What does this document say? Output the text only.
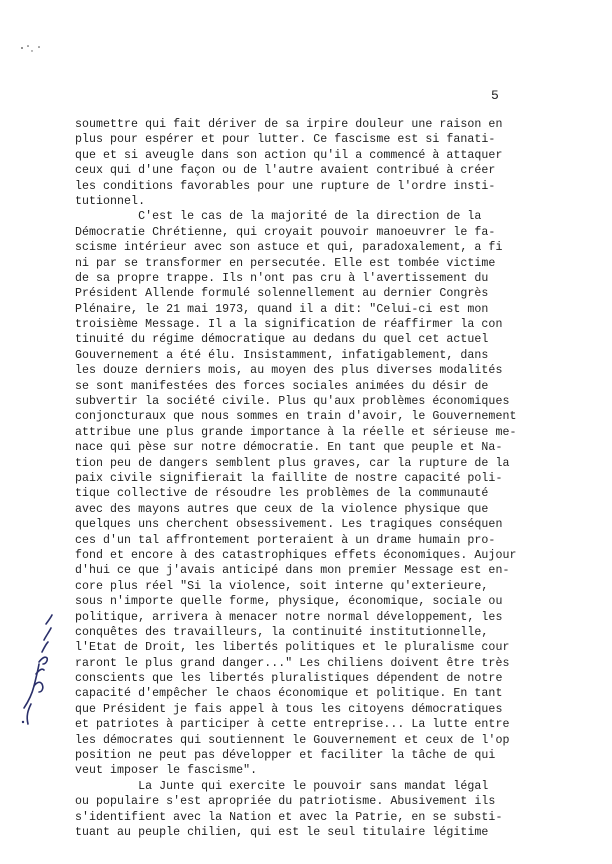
5

soumettre qui fait dériver de sa irpire douleur une raison en
plus pour espérer et pour lutter. Ce fascisme est si fanati-
que et si aveugle dans son action qu'il a commencé à attaquer
ceux qui d'une façon ou de l'autre avaient contribué à créer
les conditions favorables pour une rupture de l'ordre insti-
tutionnel.
C'est le cas de la majorité de la direction de la
Démocratie Chrétienne, qui croyait pouvoir manoeuvrer le fa-
scisme intérieur avec son astuce et qui, paradoxalement, a fi
ni par se transformer en persecutée. Elle est tombée victime
de sa propre trappe. Ils n'ont pas cru à l'avertissement du
Président Allende formulé solennellement au dernier Congrès
Plénaire, le 21 mai 1973, quand il a dit: "Celui-ci est mon
troisième Message. Il a la signification de réaffirmer la con
tinuité du régime démocratique au dedans du quel cet actuel
Gouvernement a été élu. Insistamment, infatigablement, dans
les douze derniers mois, au moyen des plus diverses modalités
se sont manifestées des forces sociales animées du désir de
subvertir la société civile. Plus qu'aux problèmes économiques
conjoncturaux que nous sommes en train d'avoir, le Gouvernement
attribue une plus grande importance à la réelle et sérieuse me-
nace qui pèse sur notre démocratie. En tant que peuple et Na-
tion peu de dangers semblent plus graves, car la rupture de la
paix civile signifierait la faillite de nostre capacité poli-
tique collective de résoudre les problèmes de la communauté
avec des mayons autres que ceux de la violence physique que
quelques uns cherchent obsessivement. Les tragiques conséquen
ces d'un tal affrontement porteraient à un drame humain pro-
fond et encore à des catastrophiques effets économiques. Aujour
d'hui ce que j'avais anticipé dans mon premier Message est en-
core plus réel "Si la violence, soit interne qu'exterieure,
sous n'importe quelle forme, physique, économique, sociale ou
politique, arrivera à menacer notre normal développement, les
conquêtes des travailleurs, la continuité institutionnelle,
l'Etat de Droit, les libertés politiques et le pluralisme cour
raront le plus grand danger..." Les chiliens doivent être très
conscients que les libertés pluralistiques dépendent de notre
capacité d'empêcher le chaos économique et politique. En tant
que Président je fais appel à tous les citoyens démocratiques
et patriotes à participer à cette entreprise... La lutte entre
les démocrates qui soutiennent le Gouvernement et ceux de l'op
position ne peut pas développer et faciliter la tâche de qui
veut imposer le fascisme".
La Junte qui exercite le pouvoir sans mandat légal
ou populaire s'est apropriée du patriotisme. Abusivement ils
s'identifient avec la Nation et avec la Patrie, en se substi-
tuant au peuple chilien, qui est le seul titulaire légitime
